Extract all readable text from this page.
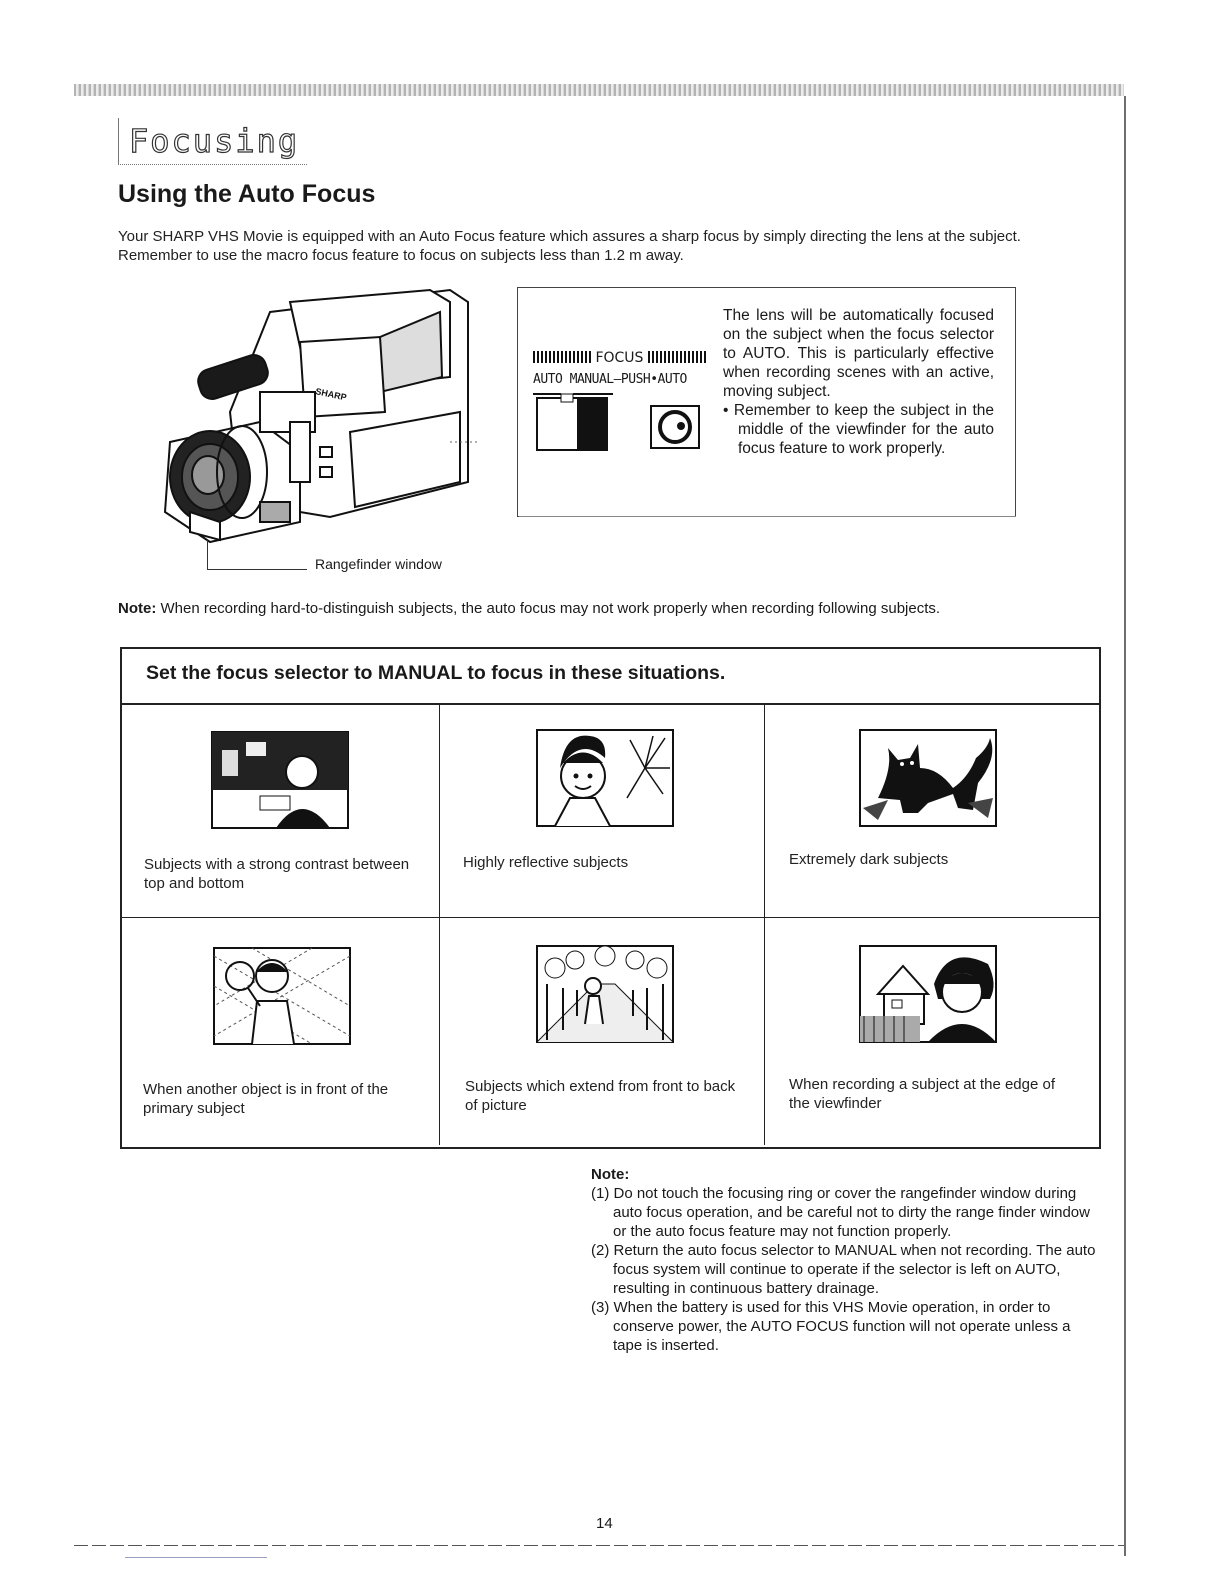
Focusing
Using the Auto Focus
Your SHARP VHS Movie is equipped with an Auto Focus feature which assures a sharp focus by simply directing the lens at the subject. Remember to use the macro focus feature to focus on subjects less than 1.2 m away.
SHARP
Rangefinder window
FOCUS
AUTO MANUAL—PUSH•AUTO

The lens will be automatically focused on the subject when the focus selector to AUTO. This is particularly effective when recording scenes with an active, moving subject.

• Remember to keep the subject in the middle of the viewfinder for the auto focus feature to work properly.

Note: When recording hard-to-distinguish subjects, the auto focus may not work properly when recording following subjects.
Set the focus selector to MANUAL to focus in these situations.
Subjects with a strong contrast between top and bottom
Highly reflective subjects	Extremely dark subjects
When another object is in front of the primary subject
Subjects which extend from front to back of picture
When recording a subject at the edge of the viewfinder
Note:
(1) Do not touch the focusing ring or cover the rangefinder window during auto focus operation, and be careful not to dirty the range finder window or the auto focus feature may not function properly.
(2) Return the auto focus selector to MANUAL when not recording. The auto focus system will continue to operate if the selector is left on AUTO, resulting in continuous battery drainage.
(3) When the battery is used for this VHS Movie operation, in order to conserve power, the AUTO FOCUS function will not operate unless a tape is inserted.
14
